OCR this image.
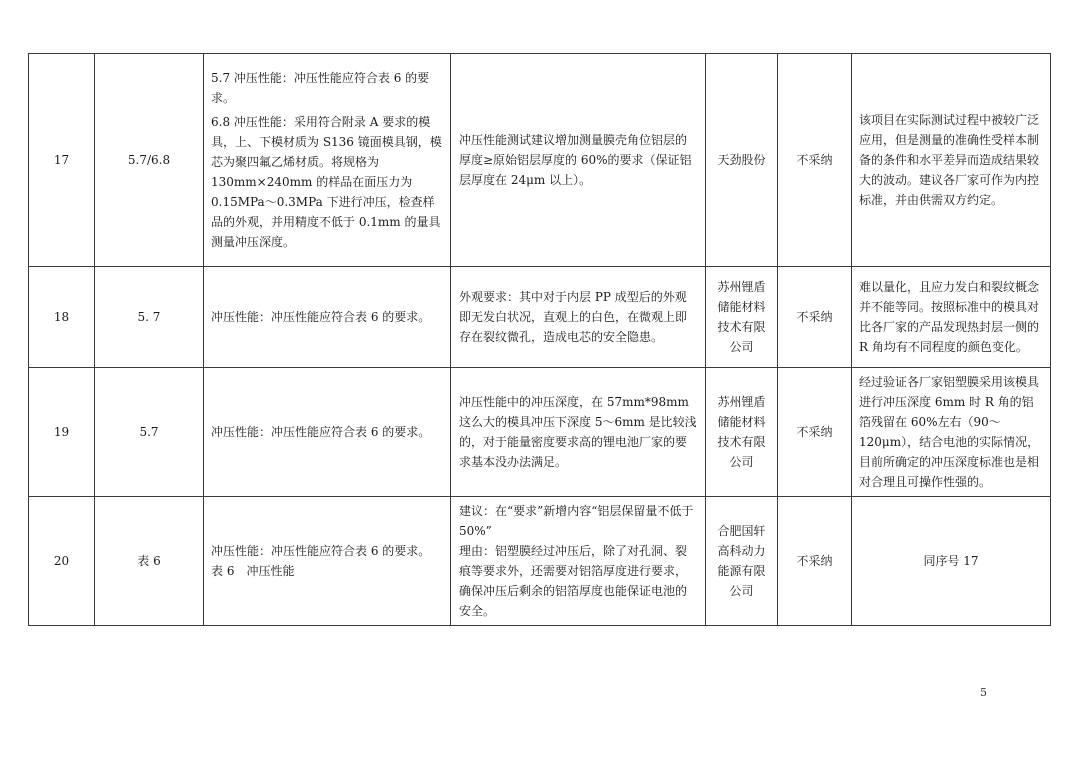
17	5.7/6.8	5.7 冲压性能：冲压性能应符合表 6 的要求。
6.8 冲压性能：采用符合附录 A 要求的模具，上、下模材质为 S136 镜面模具钢，模芯为聚四氟乙烯材质。将规格为 130mm×240mm 的样品在面压力为 0.15MPa～0.3MPa 下进行冲压，检查样品的外观，并用精度不低于 0.1mm 的量具测量冲压深度。	冲压性能测试建议增加测量膜壳角位铝层的厚度≥原始铝层厚度的 60%的要求（保证铝层厚度在 24μm 以上）。	天劲股份	不采纳	该项目在实际测试过程中被较广泛应用，但是测量的准确性受样本制备的条件和水平差异而造成结果较大的波动。建议各厂家可作为内控标准，并由供需双方约定。
18	5. 7	冲压性能：冲压性能应符合表 6 的要求。	外观要求：其中对于内层 PP 成型后的外观即无发白状况，直观上的白色，在微观上即存在裂纹微孔，造成电芯的安全隐患。	苏州锂盾储能材料技术有限公司	不采纳	难以量化，且应力发白和裂纹概念并不能等同。按照标准中的模具对比各厂家的产品发现热封层一侧的 R 角均有不同程度的颜色变化。
19	5.7	冲压性能：冲压性能应符合表 6 的要求。	冲压性能中的冲压深度，在 57mm*98mm 这么大的模具冲压下深度 5～6mm 是比较浅的，对于能量密度要求高的锂电池厂家的要求基本没办法满足。	苏州锂盾储能材料技术有限公司	不采纳	经过验证各厂家铝塑膜采用该模具进行冲压深度 6mm 时 R 角的铝箔残留在 60%左右（90～120μm），结合电池的实际情况，目前所确定的冲压深度标准也是相对合理且可操作性强的。
20	表 6	冲压性能：冲压性能应符合表 6 的要求。
表 6　冲压性能	建议：在“要求”新增内容“铝层保留量不低于 50%”
理由：铝塑膜经过冲压后，除了对孔洞、裂痕等要求外，还需要对铝箔厚度进行要求，确保冲压后剩余的铝箔厚度也能保证电池的安全。	合肥国轩高科动力能源有限公司	不采纳	同序号 17
5
